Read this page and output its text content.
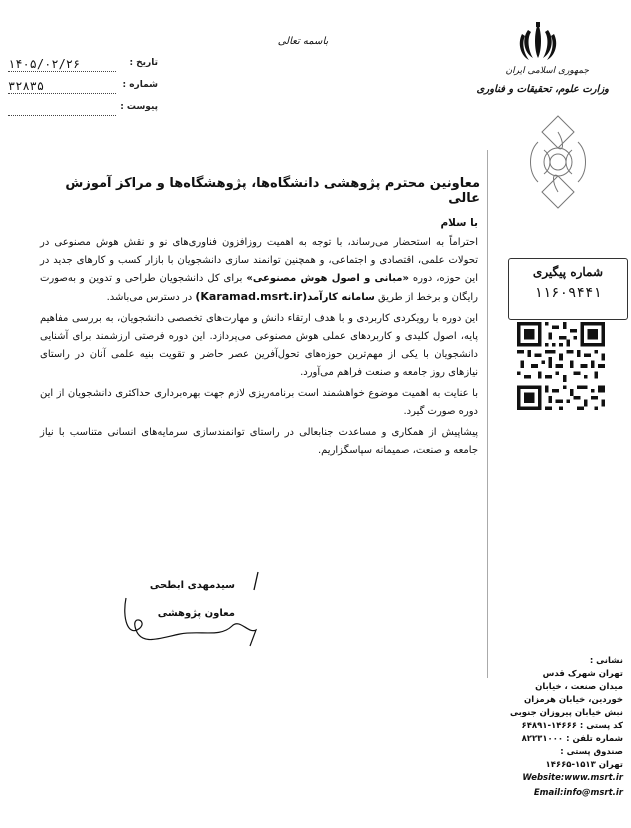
جمهوری اسلامی ایران
وزارت علوم، تحقیقات و فناوری
باسمه تعالی
تاریخ :
۱۴۰۵/۰۲/۲۶
شماره :
۳۲۸۳۵
پیوست :
معاونین محترم پژوهشی دانشگاه‌ها، پژوهشگاه‌ها و مراکز آموزش عالی

با سلام

احتراماً به استحضار می‌رساند، با توجه به اهمیت روزافزون فناوری‌های نو و نقش هوش مصنوعی در تحولات علمی، اقتصادی و اجتماعی، و همچنین توانمند سازی دانشجویان با بازار کسب و کارهای جدید در این حوزه، دوره «مبانی و اصول هوش مصنوعی» برای کل دانشجویان طراحی و تدوین و به‌صورت رایگان و برخط از طریق سامانه کارآمد(Karamad.msrt.ir) در دسترس می‌باشد.

این دوره با رویکردی کاربردی و با هدف ارتقاء دانش و مهارت‌های تخصصی دانشجویان، به بررسی مفاهیم پایه، اصول کلیدی و کاربردهای عملی هوش مصنوعی می‌پردازد. این دوره فرصتی ارزشمند برای آشنایی دانشجویان با یکی از مهم‌ترین حوزه‌های تحول‌آفرین عصر حاضر و تقویت بنیه علمی آنان در راستای نیازهای روز جامعه و صنعت فراهم می‌آورد.

با عنایت به اهمیت موضوع خواهشمند است برنامه‌ریزی لازم جهت بهره‌برداری حداکثری دانشجویان از این دوره صورت گیرد.

پیشاپیش از همکاری و مساعدت جنابعالی در راستای توانمندسازی سرمایه‌های انسانی متناسب با نیاز جامعه و صنعت، صمیمانه سپاسگزاریم.

سیدمهدی ابطحی
معاون پژوهشی
شماره پیگیری
۱۱۶۰۹۴۴۱
نشانی :
تهران شهرک قدس
میدان صنعت ، خیابان
خوردین، خیابان هرمزان
نبش خیابان پیروزان جنوبی
کد پستی : ۱۴۶۶۶-۶۴۸۹۱
شماره تلفن : ۸۲۲۳۱۰۰۰
صندوق پستی :
تهران ۱۵۱۳-۱۴۶۶۵
Website:www.msrt.ir
Email:info@msrt.ir
